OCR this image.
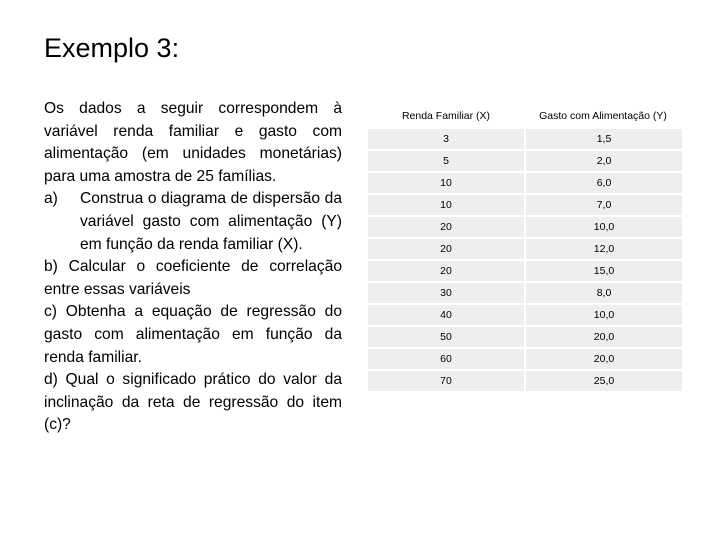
Exemplo 3:

Os dados a seguir correspondem à variável renda familiar e gasto com alimentação (em unidades monetárias) para uma amostra de 25 famílias.

a)	Construa o diagrama de dispersão da variável gasto com alimentação (Y) em função da renda familiar (X).

b) Calcular o coeficiente de correlação entre essas variáveis

c) Obtenha a equação de regressão do gasto com alimentação em função da renda familiar.

d) Qual o significado prático do valor da inclinação da reta de regressão do item (c)?

Renda Familiar (X)	Gasto com Alimentação (Y)
3	1,5
5	2,0
10	6,0
10	7,0
20	10,0
20	12,0
20	15,0
30	8,0
40	10,0
50	20,0
60	20,0
70	25,0
